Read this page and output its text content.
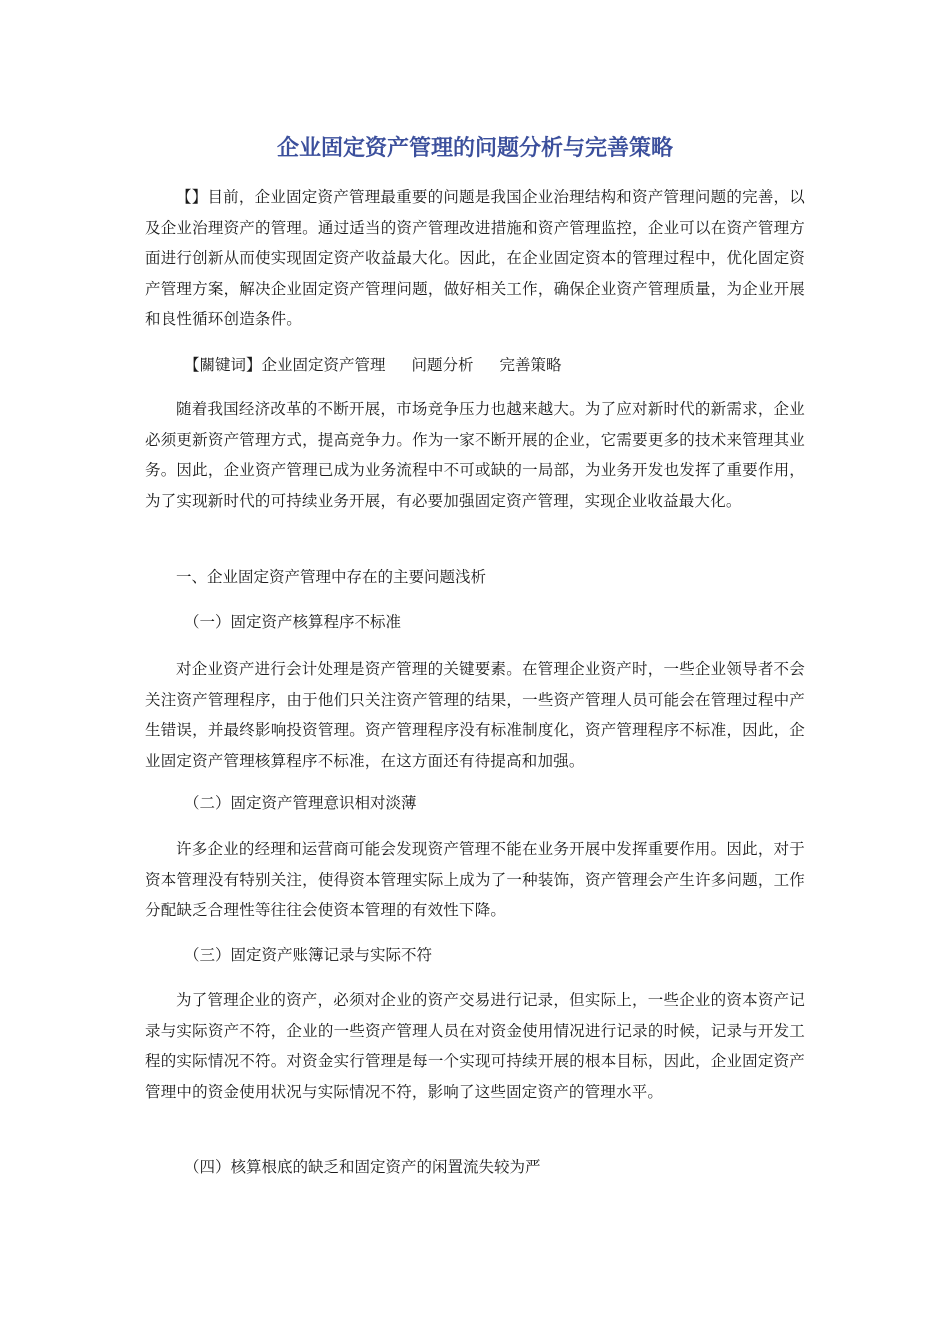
企业固定资产管理的问题分析与完善策略

【】目前，企业固定资产管理最重要的问题是我国企业治理结构和资产管理问题的完善，以及企业治理资产的管理。通过适当的资产管理改进措施和资产管理监控，企业可以在资产管理方面进行创新从而使实现固定资产收益最大化。因此，在企业固定资本的管理过程中，优化固定资产管理方案，解决企业固定资产管理问题，做好相关工作，确保企业资产管理质量，为企业开展和良性循环创造条件。

【關键词】企业固定资产管理 问题分析 完善策略

随着我国经济改革的不断开展，市场竞争压力也越来越大。为了应对新时代的新需求，企业必须更新资产管理方式，提高竞争力。作为一家不断开展的企业，它需要更多的技术来管理其业务。因此，企业资产管理已成为业务流程中不可或缺的一局部，为业务开发也发挥了重要作用，为了实现新时代的可持续业务开展，有必要加强固定资产管理，实现企业收益最大化。

一、企业固定资产管理中存在的主要问题浅析
（一）固定资产核算程序不标准

对企业资产进行会计处理是资产管理的关键要素。在管理企业资产时，一些企业领导者不会关注资产管理程序，由于他们只关注资产管理的结果，一些资产管理人员可能会在管理过程中产生错误，并最终影响投资管理。资产管理程序没有标准制度化，资产管理程序不标准，因此，企业固定资产管理核算程序不标准，在这方面还有待提高和加强。

（二）固定资产管理意识相对淡薄

许多企业的经理和运营商可能会发现资产管理不能在业务开展中发挥重要作用。因此，对于资本管理没有特别关注，使得资本管理实际上成为了一种装饰，资产管理会产生许多问题，工作分配缺乏合理性等往往会使资本管理的有效性下降。

（三）固定资产账簿记录与实际不符

为了管理企业的资产，必须对企业的资产交易进行记录，但实际上，一些企业的资本资产记录与实际资产不符，企业的一些资产管理人员在对资金使用情况进行记录的时候，记录与开发工程的实际情况不符。对资金实行管理是每一个实现可持续开展的根本目标，因此，企业固定资产管理中的资金使用状况与实际情况不符，影响了这些固定资产的管理水平。

（四）核算根底的缺乏和固定资产的闲置流失较为严
